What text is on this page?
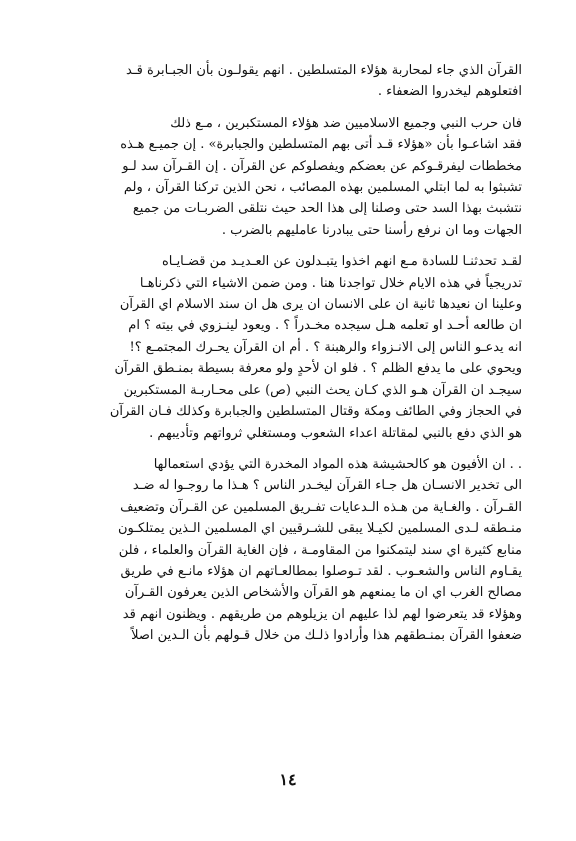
القرآن الذي جاء لمحاربة هؤلاء المتسلطين . انهم يقولـون بأن الجبـابرة قـد
افتعلوهم ليخدروا الضعفاء .
فان حرب النبي وجميع الاسلاميين ضد هؤلاء المستكبرين ، مـع ذلك
فقد اشاعـوا بأن «هؤلاء قـد أتى بهم المتسلطين والجبابرة» . إن جميـع هـذه
مخططات ليفرقـوكم عن بعضكم ويفصلوكم عن القرآن . إن القـرآن سد لـو
تشبثوا به لما ابتلي المسلمين بهذه المصائب ، نحن الذين تركنا القرآن ، ولم
نتشبث بهذا السد حتى وصلنا إلى هذا الحد حيث نتلقى الضربـات من جميع
الجهات وما ان نرفع رأسنا حتى يبادرنا عامليهم بالضرب .
لقـد تحدثنـا للسادة مـع انهم اخذوا يتبـدلون عن العـديـد من قضـايـاه
تدريجياً في هذه الايام خلال تواجدنا هنا . ومن ضمن الاشياء التي ذكرناهـا
وعلينا ان نعيدها ثانية ان على الانسان ان يرى هل ان سند الاسلام اي القرآن
ان طالعه أحـد او تعلمه هـل سيجده مخـدراً ؟ . ويعود لينـزوي في بيته ؟ ام
انه يدعـو الناس إلى الانـزواء والرهبنة ؟ . أم ان القرآن يحـرك المجتمـع ؟!
ويحوي على ما يدفع الظلم ؟ . فلو ان لأحدٍ ولو معرفة بسيطة بمنـطق القرآن
سيجـد ان القرآن هـو الذي كـان يحث النبي (ص) على محـاربـة المستكبرين
في الحجاز وفي الطائف ومكة وقتال المتسلطين والجبابرة وكذلك فـان القرآن
هو الذي دفع بالنبي لمقاتلة اعداء الشعوب ومستغلي ثرواتهم وتأديبهم .
. . ان الأفيون هو كالحشيشة هذه المواد المخدرة التي يؤدي استعمالها
الى تخدير الانسـان هل جـاء القرآن ليخـدر الناس ؟ هـذا ما روجـوا له ضـد
القـرآن . والغـاية من هـذه الـدعايات تفـريق المسلمين عن القـرآن وتضعيف
منـطقه لـدى المسلمين لكيـلا يبقى للشـرقيين اي المسلمين الـذين يمتلكـون
منابع كثيرة اي سند ليتمكنوا من المقاومـة ، فإن الغاية القرآن والعلماء ، فلن
يقـاوم الناس والشعـوب . لقد تـوصلوا بمطالعـاتهم ان هؤلاء مانـع في طريق
مصالح الغرب اي ان ما يمنعهم هو القرآن والأشخاص الذين يعرفون القـرآن
وهؤلاء قد يتعرضوا لهم لذا عليهم ان يزيلوهم من طريقهم . ويظنون انهم قد
ضعفوا القرآن بمنـطقهم هذا وأرادوا ذلـك من خلال قـولهم بأن الـدين اصلاً
١٤
